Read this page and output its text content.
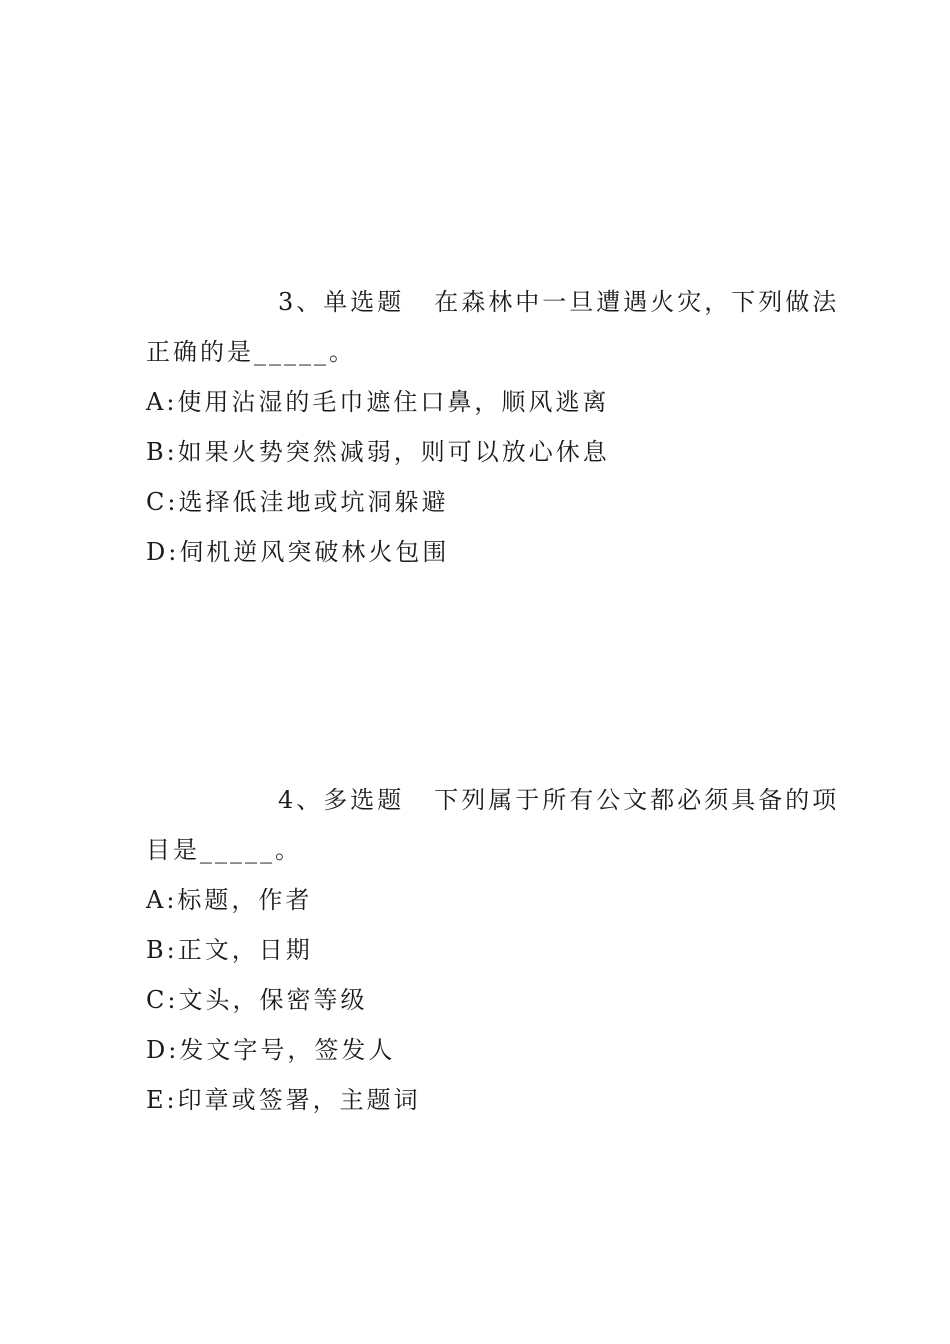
3、单选题 在森林中一旦遭遇火灾，下列做法
正确的是_____。
A:使用沾湿的毛巾遮住口鼻，顺风逃离
B:如果火势突然减弱，则可以放心休息
C:选择低洼地或坑洞躲避
D:伺机逆风突破林火包围
4、多选题 下列属于所有公文都必须具备的项
目是_____。
A:标题，作者
B:正文，日期
C:文头，保密等级
D:发文字号，签发人
E:印章或签署，主题词
